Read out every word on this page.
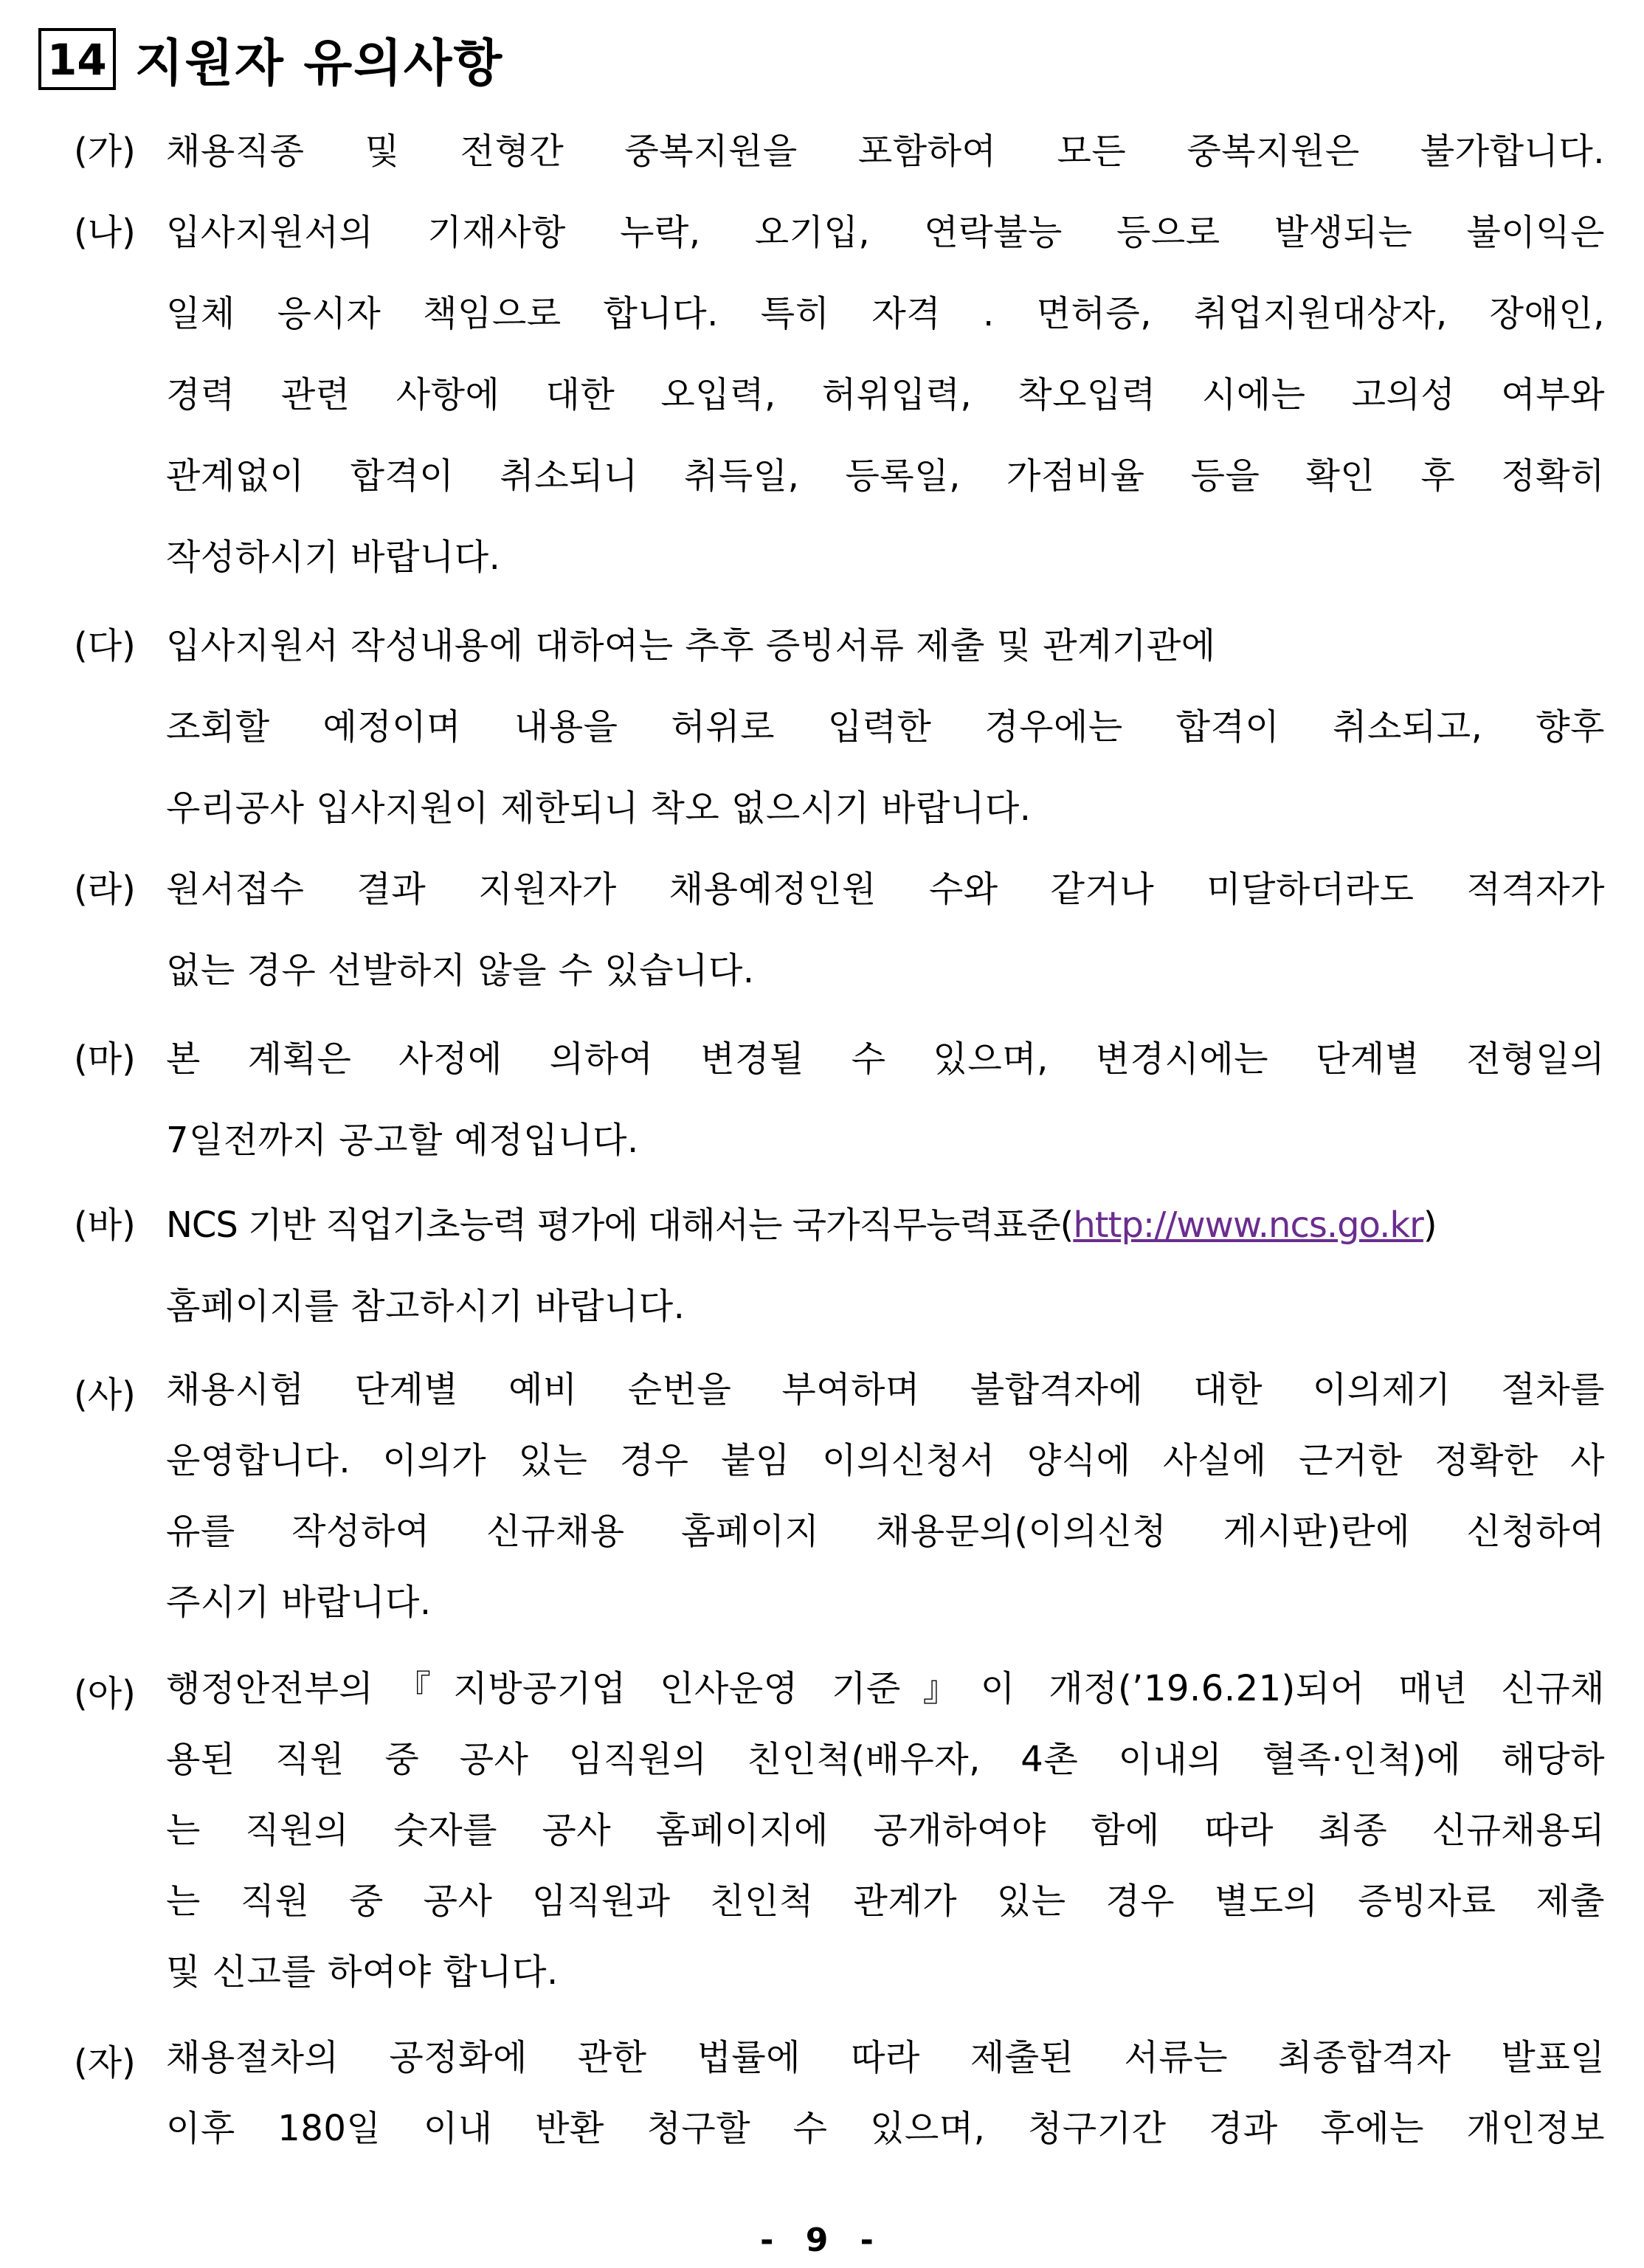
14 지원자 유의사항
(가) 채용직종 및 전형간 중복지원을 포함하여 모든 중복지원은 불가합니다.
(나) 입사지원서의 기재사항 누락, 오기입, 연락불능 등으로 발생되는 불이익은
일체 응시자 책임으로 합니다. 특히 자격 . 면허증, 취업지원대상자, 장애인,
경력 관련 사항에 대한 오입력, 허위입력, 착오입력 시에는 고의성 여부와
관계없이 합격이 취소되니 취득일, 등록일, 가점비율 등을 확인 후 정확히
작성하시기 바랍니다.
(다) 입사지원서 작성내용에 대하여는 추후 증빙서류 제출 및 관계기관에
조회할 예정이며 내용을 허위로 입력한 경우에는 합격이 취소되고, 향후
우리공사 입사지원이 제한되니 착오 없으시기 바랍니다.
(라) 원서접수 결과 지원자가 채용예정인원 수와 같거나 미달하더라도 적격자가
없는 경우 선발하지 않을 수 있습니다.
(마) 본 계획은 사정에 의하여 변경될 수 있으며, 변경시에는 단계별 전형일의
7일전까지 공고할 예정입니다.
(바) NCS 기반 직업기초능력 평가에 대해서는 국가직무능력표준(http://www.ncs.go.kr)
홈페이지를 참고하시기 바랍니다.
(사) 채용시험 단계별 예비 순번을 부여하며 불합격자에 대한 이의제기 절차를
운영합니다. 이의가 있는 경우 붙임 이의신청서 양식에 사실에 근거한 정확한 사
유를 작성하여 신규채용 홈페이지 채용문의(이의신청 게시판)란에 신청하여
주시기 바랍니다.
(아) 행정안전부의『지방공기업 인사운영 기준』이 개정(’19.6.21)되어 매년 신규채
용된 직원 중 공사 임직원의 친인척(배우자, 4촌 이내의 혈족·인척)에 해당하
는 직원의 숫자를 공사 홈페이지에 공개하여야 함에 따라 최종 신규채용되
는 직원 중 공사 임직원과 친인척 관계가 있는 경우 별도의 증빙자료 제출
및 신고를 하여야 합니다.
(자) 채용절차의 공정화에 관한 법률에 따라 제출된 서류는 최종합격자 발표일
이후 180일 이내 반환 청구할 수 있으며, 청구기간 경과 후에는 개인정보
- 9 -
